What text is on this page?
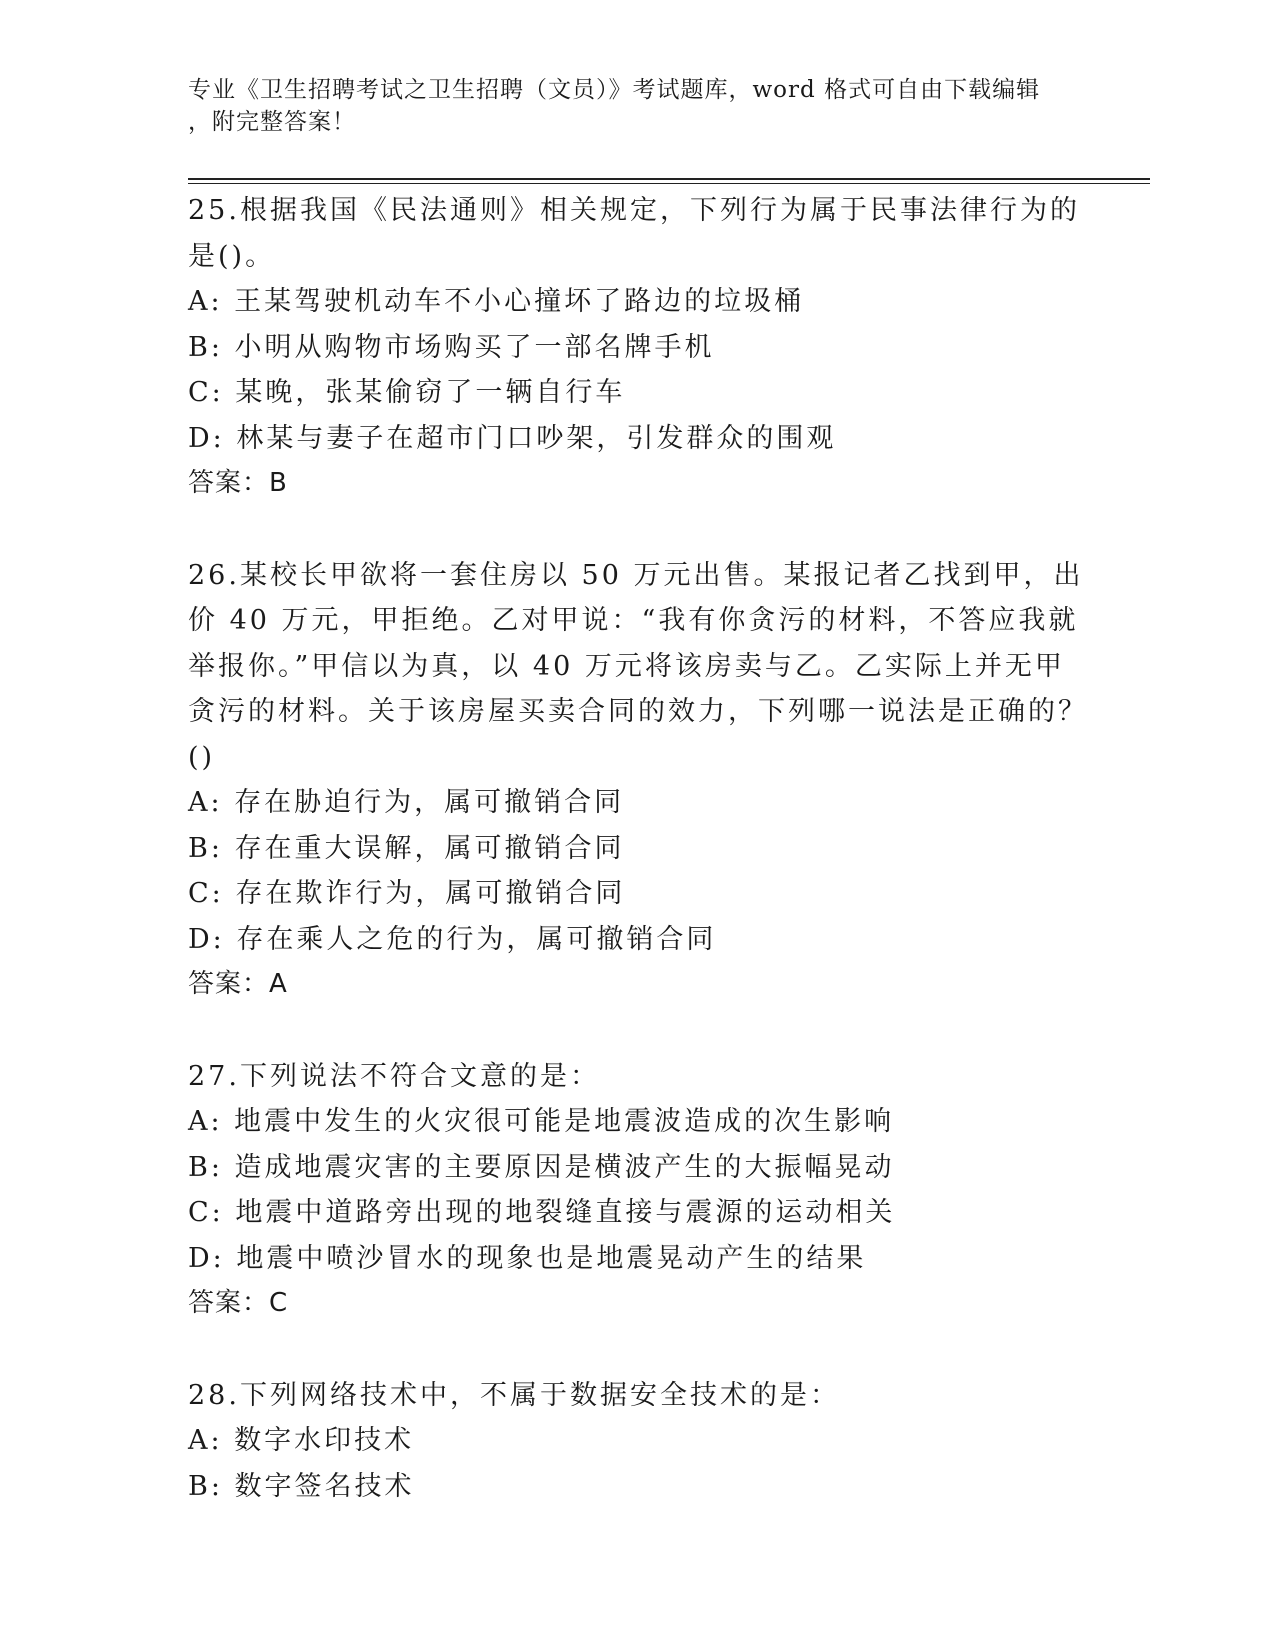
专业《卫生招聘考试之卫生招聘（文员）》考试题库，word 格式可自由下载编辑
，附完整答案！

25.根据我国《民法通则》相关规定，下列行为属于民事法律行为的是()。

A: 王某驾驶机动车不小心撞坏了路边的垃圾桶

B: 小明从购物市场购买了一部名牌手机

C: 某晚，张某偷窃了一辆自行车

D: 林某与妻子在超市门口吵架，引发群众的围观

答案：B

26.某校长甲欲将一套住房以 50 万元出售。某报记者乙找到甲，出价 40 万元，甲拒绝。乙对甲说：“我有你贪污的材料，不答应我就举报你。”甲信以为真，以 40 万元将该房卖与乙。乙实际上并无甲贪污的材料。关于该房屋买卖合同的效力，下列哪一说法是正确的？()

A: 存在胁迫行为，属可撤销合同

B: 存在重大误解，属可撤销合同

C: 存在欺诈行为，属可撤销合同

D: 存在乘人之危的行为，属可撤销合同

答案：A

27.下列说法不符合文意的是：

A: 地震中发生的火灾很可能是地震波造成的次生影响

B: 造成地震灾害的主要原因是横波产生的大振幅晃动

C: 地震中道路旁出现的地裂缝直接与震源的运动相关

D: 地震中喷沙冒水的现象也是地震晃动产生的结果

答案：C

28.下列网络技术中，不属于数据安全技术的是：

A: 数字水印技术

B: 数字签名技术
